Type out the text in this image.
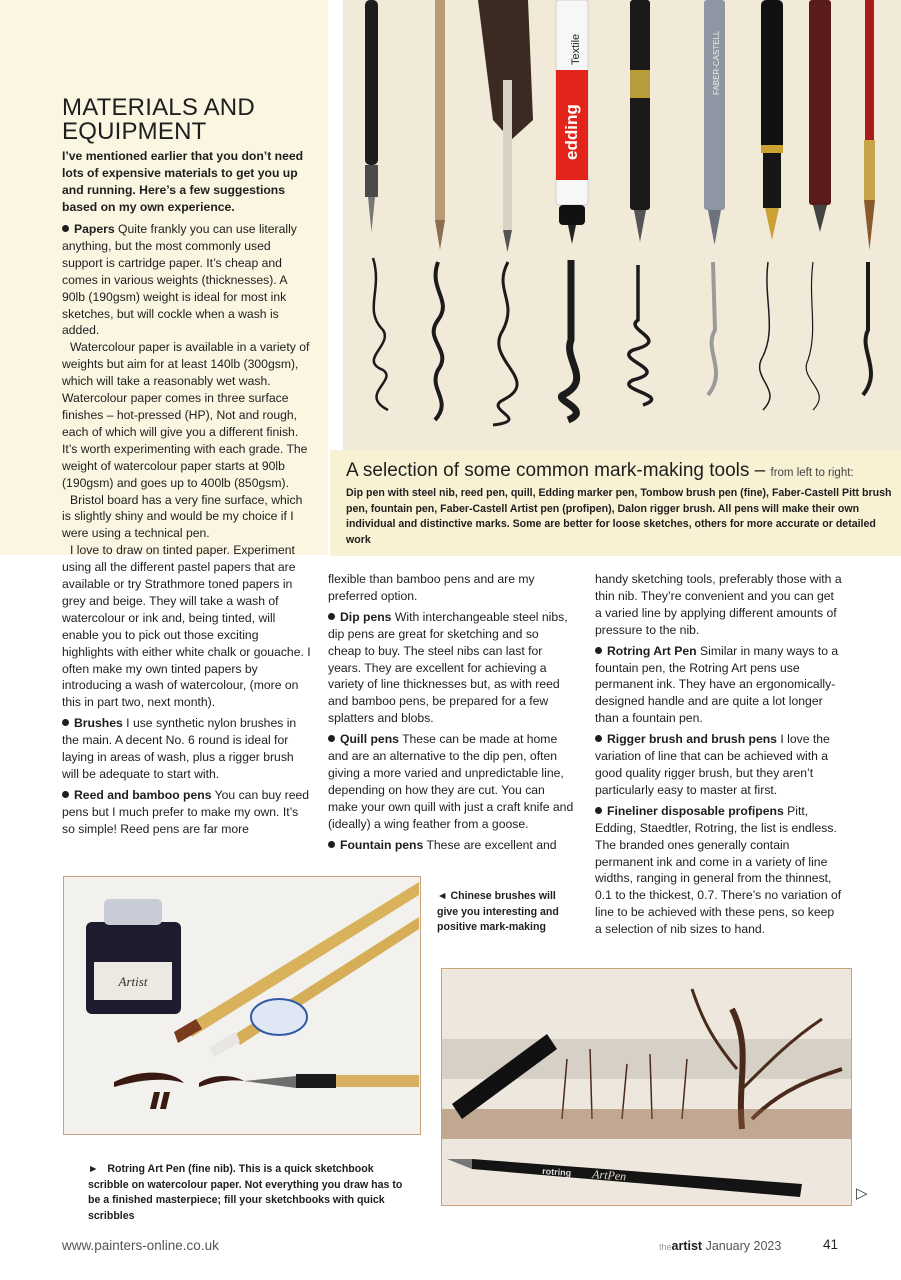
edding
Textile	FABER-CASTELL
A selection of some common mark-making tools – from left to right:
Dip pen with steel nib, reed pen, quill, Edding marker pen, Tombow brush pen (fine), Faber-Castell Pitt brush pen, fountain pen, Faber-Castell Artist pen (profipen), Dalon rigger brush. All pens will make their own individual and distinctive marks. Some are better for loose sketches, others for more accurate or detailed work
MATERIALS AND EQUIPMENT

I’ve mentioned earlier that you don’t need lots of expensive materials to get you up and running. Here’s a few suggestions based on my own experience.

Papers Quite frankly you can use literally anything, but the most commonly used support is cartridge paper. It’s cheap and comes in various weights (thicknesses). A 90lb (190gsm) weight is ideal for most ink sketches, but will cockle when a wash is added.

Watercolour paper is available in a variety of weights but aim for at least 140lb (300gsm), which will take a reasonably wet wash. Watercolour paper comes in three surface finishes – hot-pressed (HP), Not and rough, each of which will give you a different finish. It’s worth experimenting with each grade. The weight of watercolour paper starts at 90lb (190gsm) and goes up to 400lb (850gsm).

Bristol board has a very fine surface, which is slightly shiny and would be my choice if I were using a technical pen.

I love to draw on tinted paper. Experiment using all the different pastel papers that are available or try Strathmore toned papers in grey and beige. They will take a wash of watercolour or ink and, being tinted, will enable you to pick out those exciting highlights with either white chalk or gouache. I often make my own tinted papers by introducing a wash of watercolour, (more on this in part two, next month).

Brushes I use synthetic nylon brushes in the main. A decent No. 6 round is ideal for laying in areas of wash, plus a rigger brush will be adequate to start with.

Reed and bamboo pens You can buy reed pens but I much prefer to make my own. It’s so simple! Reed pens are far more

flexible than bamboo pens and are my preferred option.

Dip pens With interchangeable steel nibs, dip pens are great for sketching and so cheap to buy. The steel nibs can last for years. They are excellent for achieving a variety of line thicknesses but, as with reed and bamboo pens, be prepared for a few splatters and blobs.

Quill pens These can be made at home and are an alternative to the dip pen, often giving a more varied and unpredictable line, depending on how they are cut. You can make your own quill with just a craft knife and (ideally) a wing feather from a goose.

Fountain pens These are excellent and

handy sketching tools, preferably those with a thin nib. They’re convenient and you can get a varied line by applying different amounts of pressure to the nib.

Rotring Art Pen Similar in many ways to a fountain pen, the Rotring Art pens use permanent ink. They have an ergonomically-designed handle and are quite a lot longer than a fountain pen.

Rigger brush and brush pens I love the variation of line that can be achieved with a good quality rigger brush, but they aren’t particularly easy to master at first.

Fineliner disposable profipens Pitt, Edding, Staedtler, Rotring, the list is endless. The branded ones generally contain permanent ink and come in a variety of line widths, ranging in general from the thinnest, 0.1 to the thickest, 0.7. There’s no variation of line to be achieved with these pens, so keep a selection of nib sizes to hand.

Artist
◄ Chinese brushes will give you interesting and positive mark-making
rotring ArtPen
► Rotring Art Pen (fine nib). This is a quick sketchbook scribble on watercolour paper. Not everything you draw has to be a finished masterpiece; fill your sketchbooks with quick scribbles
▷
www.painters-online.co.uk	theartist January 2023	41
